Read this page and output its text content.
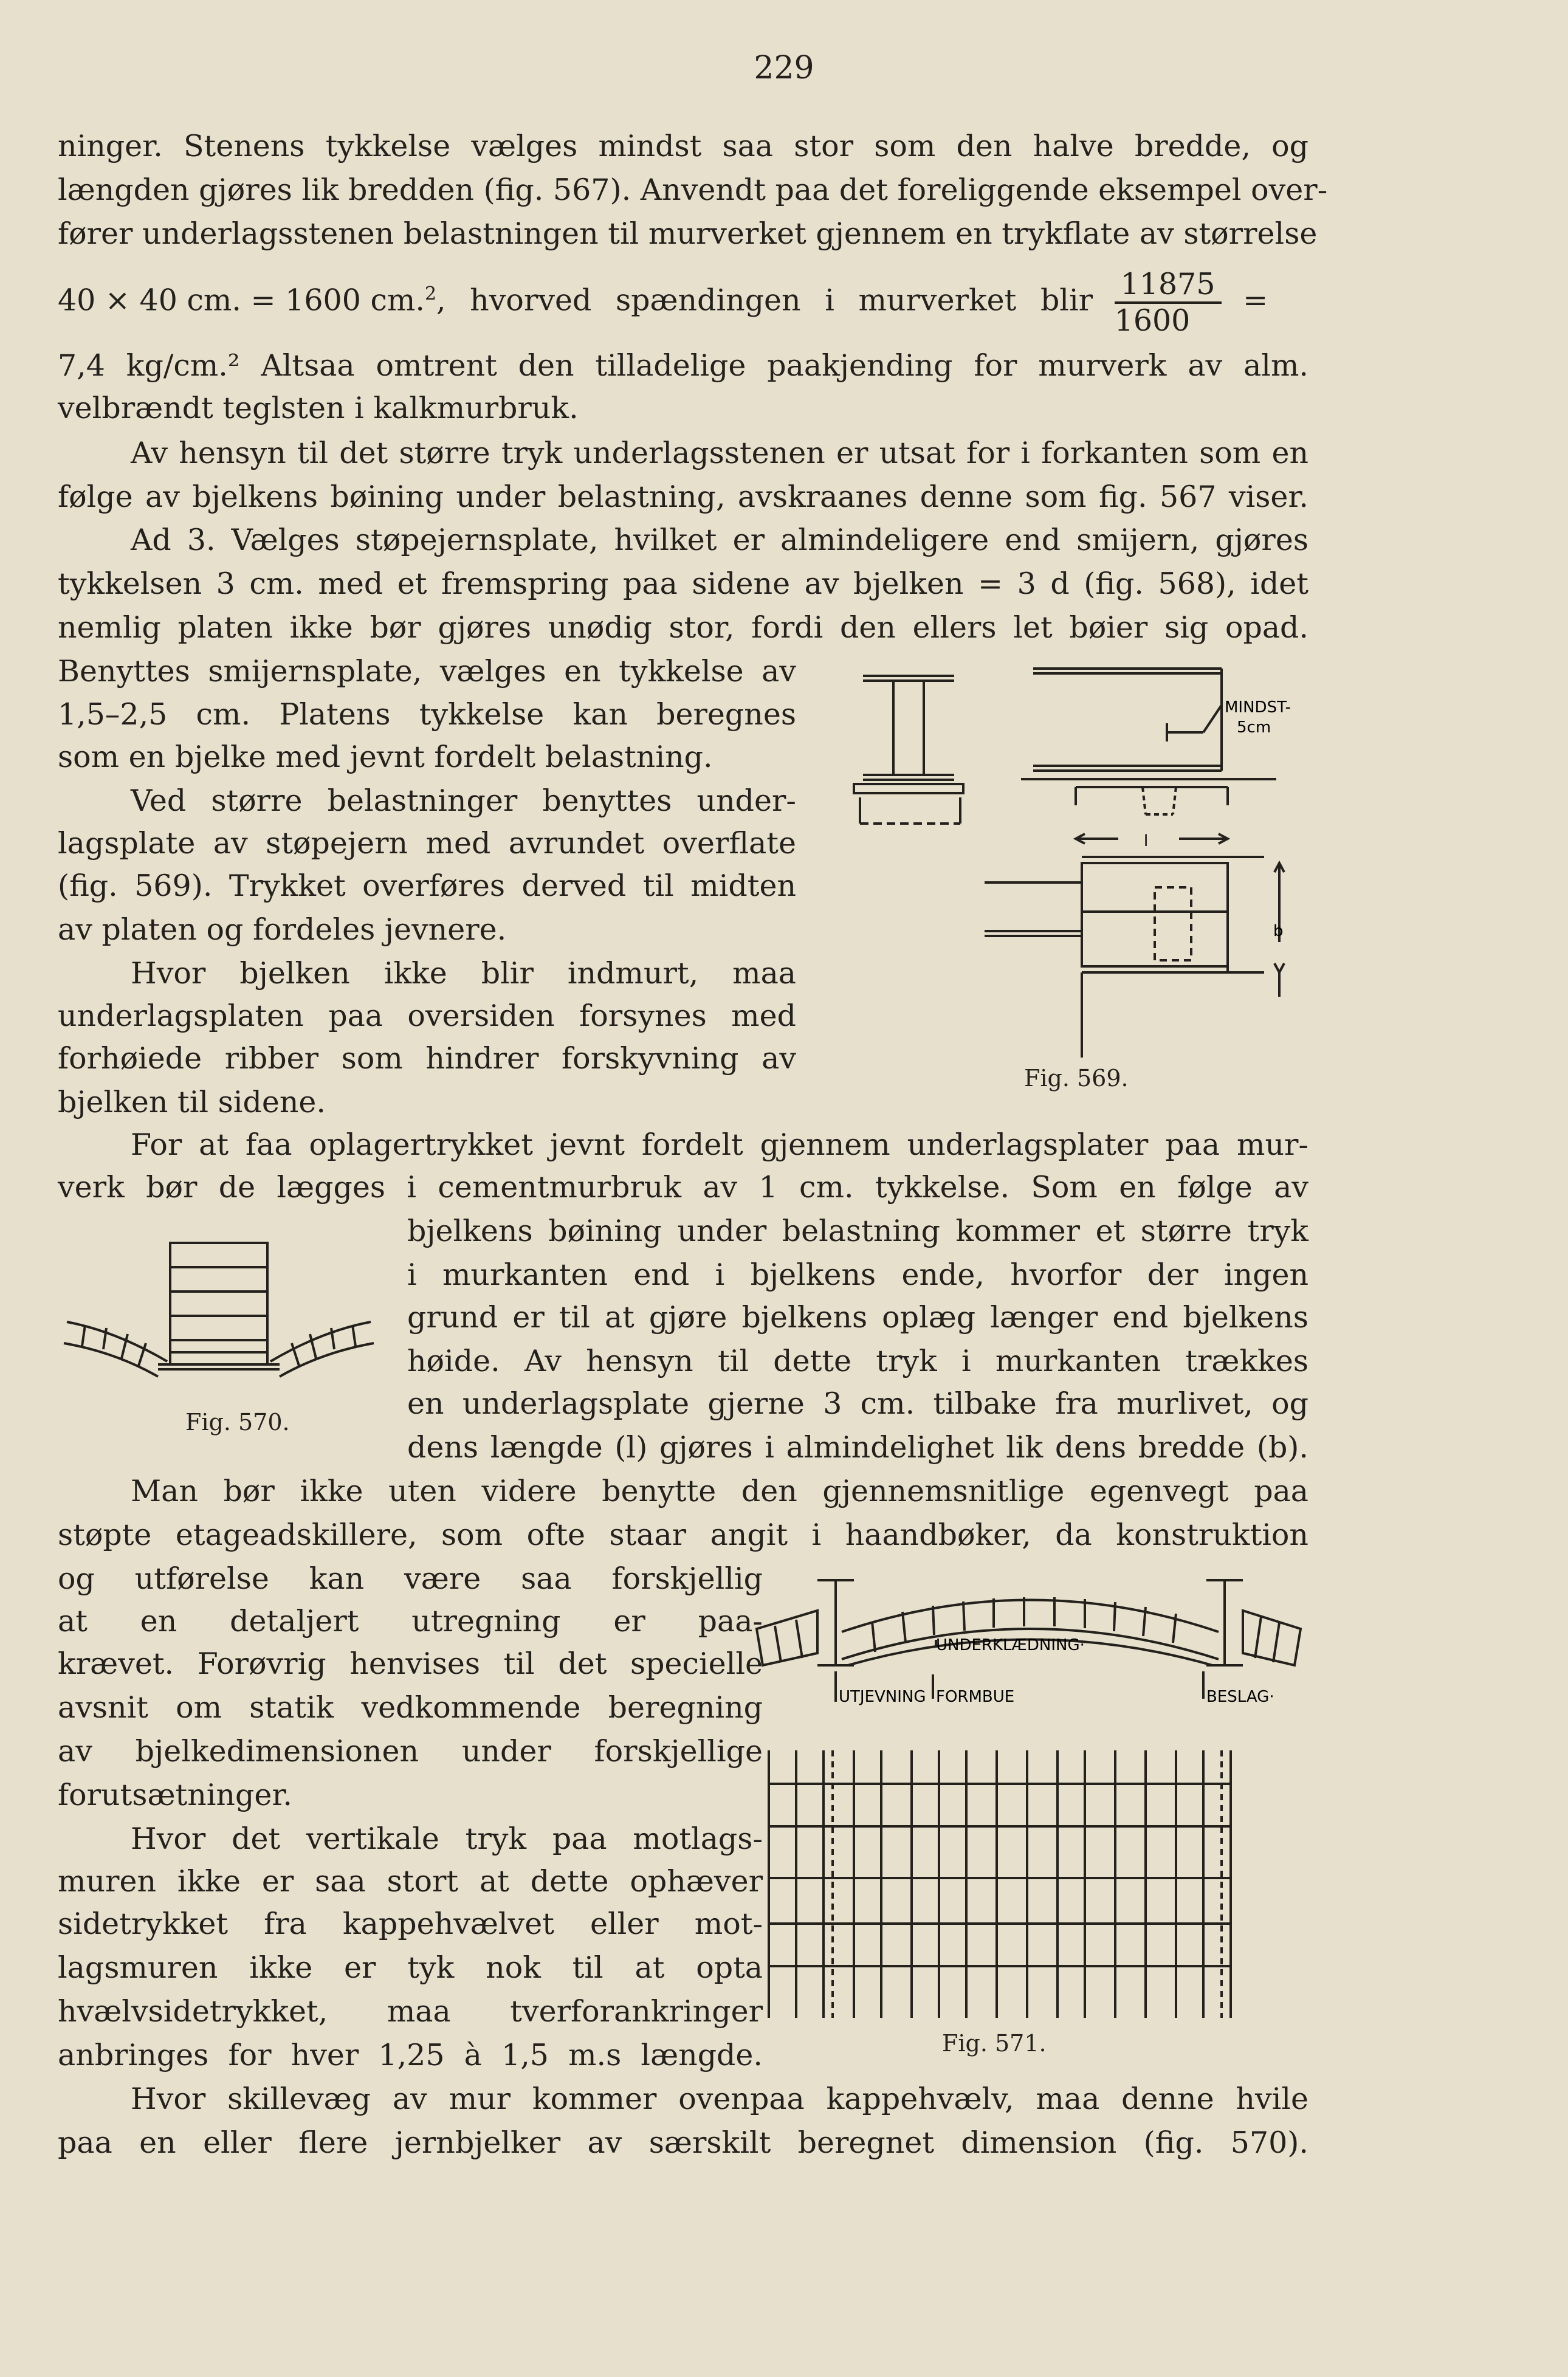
229
ninger. Stenens tykkelse vælges mindst saa stor som den halve bredde, og
længden gjøres lik bredden (fig. 567). Anvendt paa det foreliggende eksempel over-
fører underlagsstenen belastningen til murverket gjennem en trykflate av størrelse
40 × 40 cm. = 1600 cm.$^2$, hvorved spændingen i murverket blir $\frac{11875}{1600}$ =
7,4 kg/cm.² Altsaa omtrent den tilladelige paakjending for murverk av alm.
velbrændt teglsten i kalkmurbruk.
Av hensyn til det større tryk underlagsstenen er utsat for i forkanten som en
følge av bjelkens bøining under belastning, avskraanes denne som fig. 567 viser.
Ad 3. Vælges støpejernsplate, hvilket er almindeligere end smijern, gjøres
tykkelsen 3 cm. med et fremspring paa sidene av bjelken = 3 d (fig. 568), idet
nemlig platen ikke bør gjøres unødig stor, fordi den ellers let bøier sig opad.
Benyttes smijernsplate, vælges en tykkelse av
1,5–2,5 cm. Platens tykkelse kan beregnes
som en bjelke med jevnt fordelt belastning.
Ved større belastninger benyttes under-
lagsplate av støpejern med avrundet overflate
(fig. 569). Trykket overføres derved til midten
av platen og fordeles jevnere.
Hvor bjelken ikke blir indmurt, maa
underlagsplaten paa oversiden forsynes med
forhøiede ribber som hindrer forskyvning av
bjelken til sidene.
For at faa oplagertrykket jevnt fordelt gjennem underlagsplater paa mur-
verk bør de lægges i cementmurbruk av 1 cm. tykkelse. Som en følge av
bjelkens bøining under belastning kommer et større tryk
i murkanten end i bjelkens ende, hvorfor der ingen
grund er til at gjøre bjelkens oplæg længer end bjelkens
høide. Av hensyn til dette tryk i murkanten trækkes
en underlagsplate gjerne 3 cm. tilbake fra murlivet, og
dens længde (l) gjøres i almindelighet lik dens bredde (b).
Man bør ikke uten videre benytte den gjennemsnitlige egenvegt paa
støpte etageadskillere, som ofte staar angit i haandbøker, da konstruktion
og utførelse kan være saa forskjellig
at en detaljert utregning er paa-
krævet. Forøvrig henvises til det specielle
avsnit om statik vedkommende beregning
av bjelkedimensionen under forskjellige
forutsætninger.
Hvor det vertikale tryk paa motlags-
muren ikke er saa stort at dette ophæver
sidetrykket fra kappehvælvet eller mot-
lagsmuren ikke er tyk nok til at opta
hvælvsidetrykket, maa tverforankringer
anbringes for hver 1,25 à 1,5 m.s længde.
Hvor skillevæg av mur kommer ovenpaa kappehvælv, maa denne hvile
paa en eller flere jernbjelker av særskilt beregnet dimension (fig. 570).
MINDST-
5cm
l
b
Fig. 569.
Fig. 570.
UNDERKLÆDNING·
UTJEVNING FORMBUE	BESLAG·
Fig. 571.
